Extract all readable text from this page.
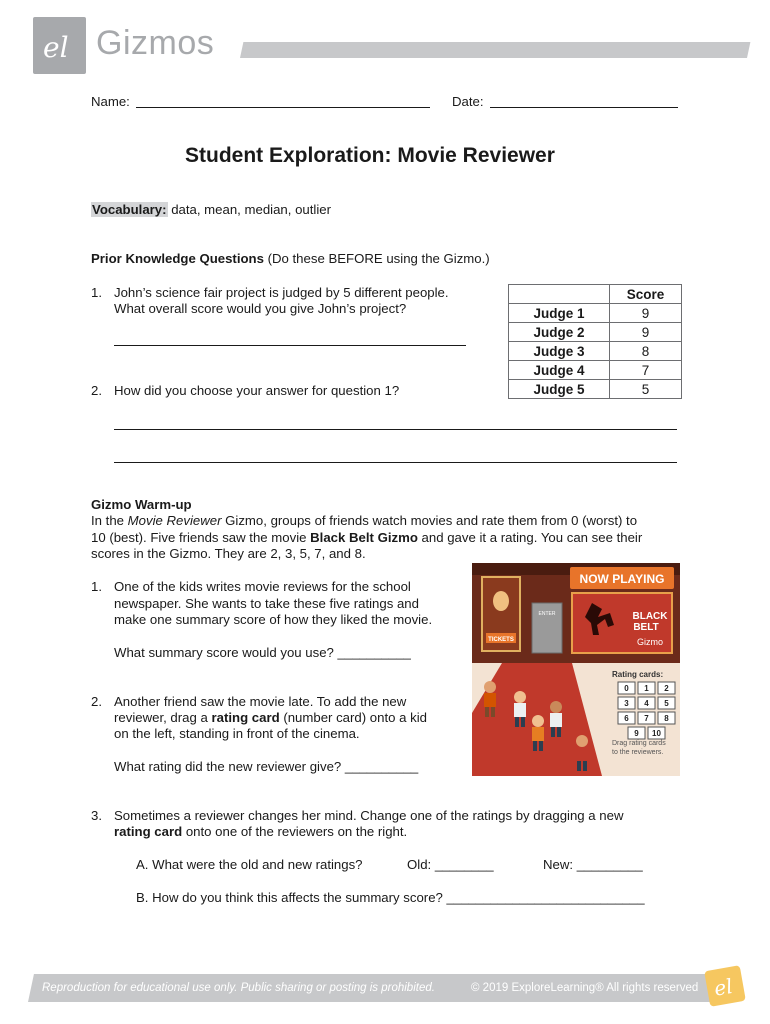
el Gizmos
Name:	Date:
Student Exploration: Movie Reviewer
Vocabulary: data, mean, median, outlier
Prior Knowledge Questions (Do these BEFORE using the Gizmo.)
1. John’s science fair project is judged by 5 different people.
What overall score would you give John’s project?
2. How did you choose your answer for question 1?
	Score
Judge 1	9
Judge 2	9
Judge 3	8
Judge 4	7
Judge 5	5
Gizmo Warm-up
In the Movie Reviewer Gizmo, groups of friends watch movies and rate them from 0 (worst) to
10 (best). Five friends saw the movie Black Belt Gizmo and gave it a rating. You can see their
scores in the Gizmo. They are 2, 3, 5, 7, and 8.
1. One of the kids writes movie reviews for the school
newspaper. She wants to take these five ratings and
make one summary score of how they liked the movie.
What summary score would you use? __________
2. Another friend saw the movie late. To add the new
reviewer, drag a rating card (number card) onto a kid
on the left, standing in front of the cinema.
What rating did the new reviewer give? __________
3. Sometimes a reviewer changes her mind. Change one of the ratings by dragging a new
rating card onto one of the reviewers on the right.
A. What were the old and new ratings?	Old: ________	New: _________
B. How do you think this affects the summary score? ___________________________
NOW PLAYING
BLACK
BELT
Gizmo
TICKETS
ENTER
Rating cards:
0 1 2
3 4 5
6 7 8
9 10
Drag rating cards
to the reviewers.
Reproduction for educational use only. Public sharing or posting is prohibited.	© 2019 ExploreLearning® All rights reserved el
